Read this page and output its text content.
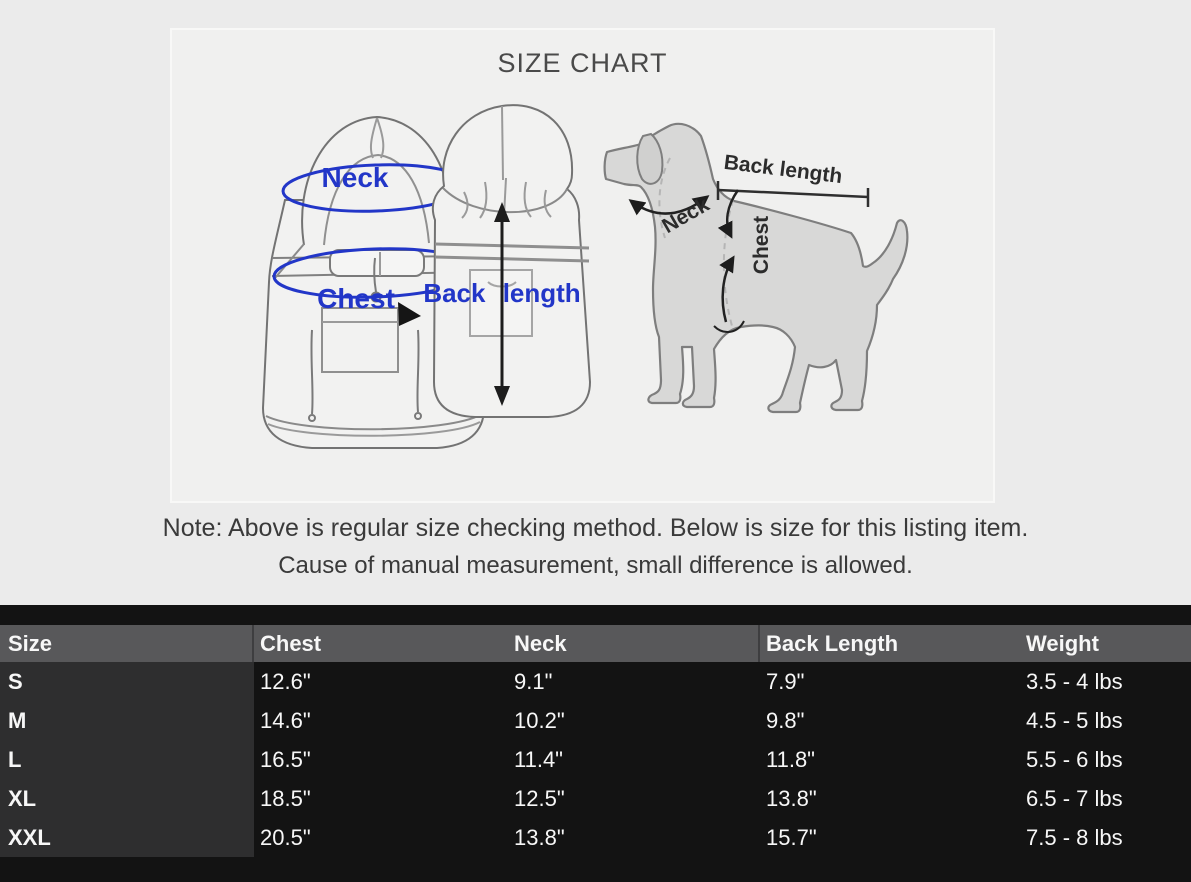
SIZE CHART
Neck
Chest Back length
Back length
Neck
Chest
Note: Above is regular size checking method. Below is size for this listing item.
Cause of manual measurement, small difference is allowed.
Size	Chest	Neck	Back Length	Weight
S	12.6"	9.1"	7.9"	3.5 - 4 lbs
M	14.6"	10.2"	9.8"	4.5 - 5 lbs
L	16.5"	11.4"	11.8"	5.5 - 6 lbs
XL	18.5"	12.5"	13.8"	6.5 - 7 lbs
XXL	20.5"	13.8"	15.7"	7.5 - 8 lbs
